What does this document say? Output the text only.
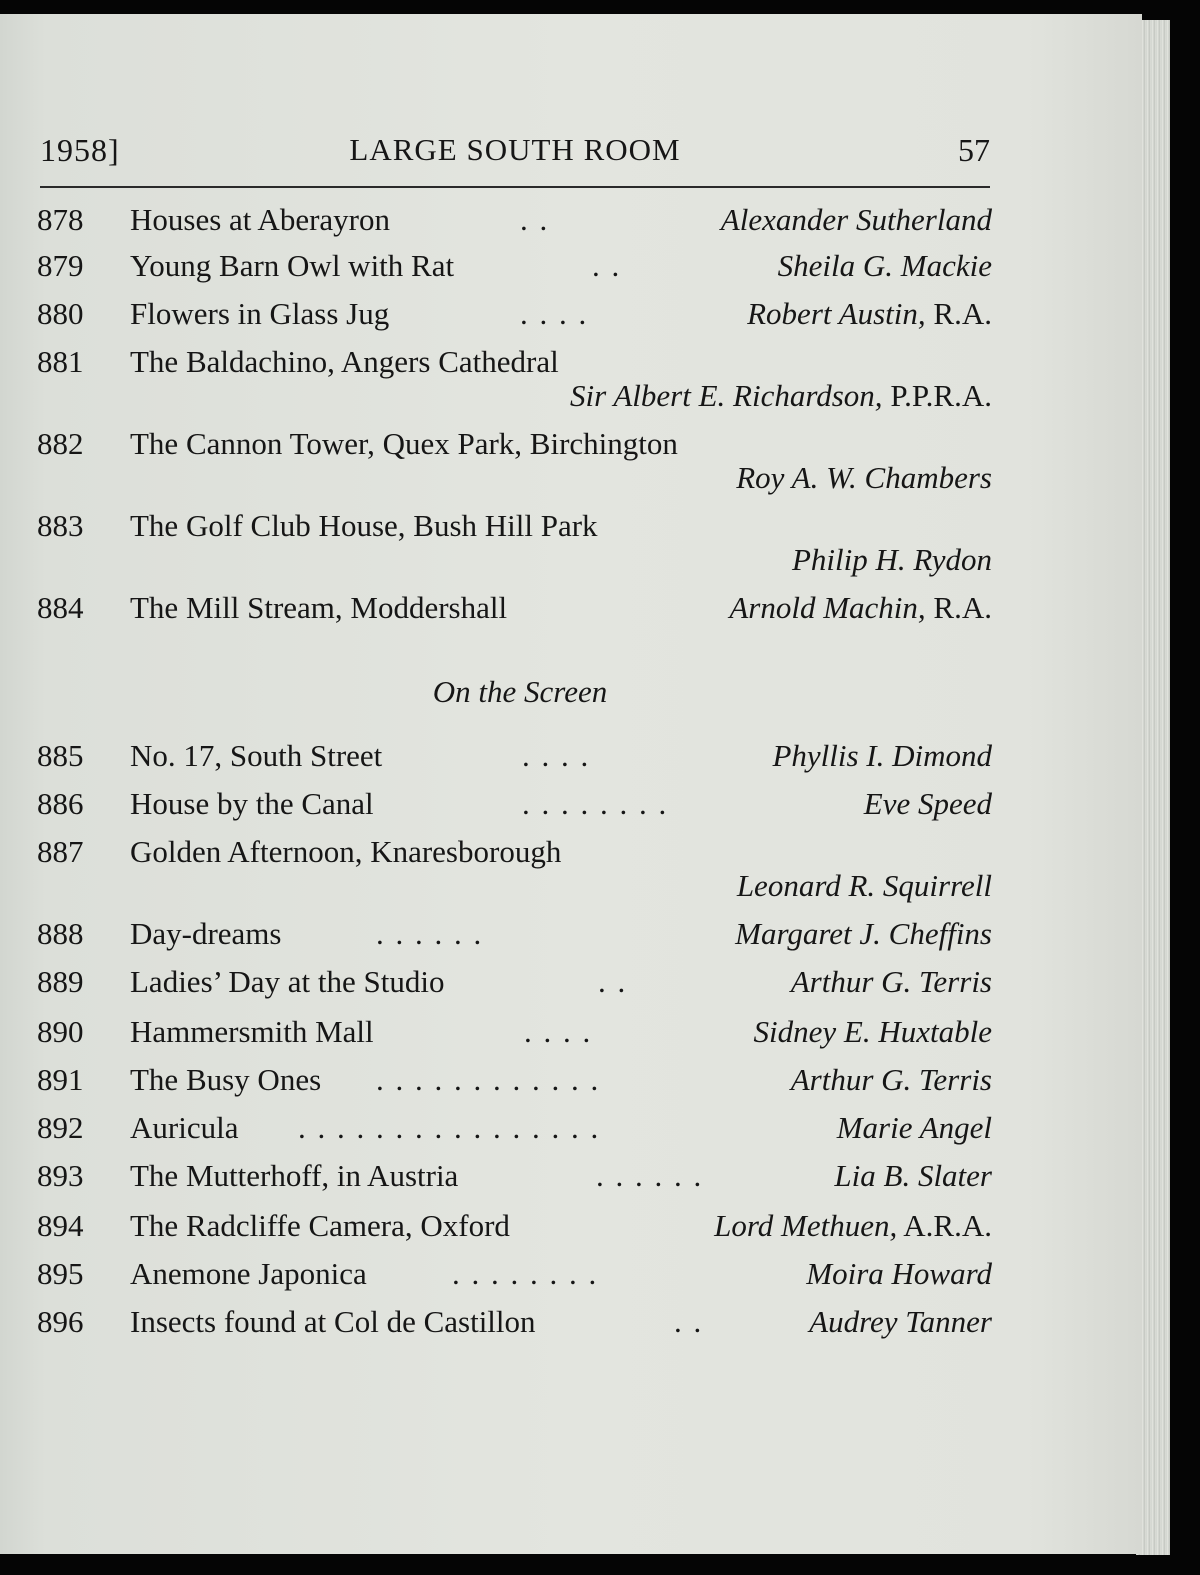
1958]	LARGE SOUTH ROOM	57
878 Houses at Aberayron	. .	Alexander Sutherland
879 Young Barn Owl with Rat	. .	Sheila G. Mackie
880 Flowers in Glass Jug	. . . .	Robert Austin, R.A.
881 The Baldachino, Angers Cathedral
Sir Albert E. Richardson, P.P.R.A.
882 The Cannon Tower, Quex Park, Birchington
Roy A. W. Chambers
883 The Golf Club House, Bush Hill Park
Philip H. Rydon
884 The Mill Stream, Moddershall	Arnold Machin, R.A.
On the Screen
885 No. 17, South Street	. . . .	Phyllis I. Dimond
886 House by the Canal	. . . . . . . .	Eve Speed
887 Golden Afternoon, Knaresborough
Leonard R. Squirrell
888 Day-dreams	. . . . . .	Margaret J. Cheffins
889 Ladies’ Day at the Studio	. .	Arthur G. Terris
890 Hammersmith Mall	. . . .	Sidney E. Huxtable
891 The Busy Ones . . . . . . . . . . . .	Arthur G. Terris
892 Auricula . . . . . . . . . . . . . . . .	Marie Angel
893 The Mutterhoff, in Austria	. . . . . .	Lia B. Slater
894 The Radcliffe Camera, Oxford	Lord Methuen, A.R.A.
895 Anemone Japonica	. . . . . . . .	Moira Howard
896 Insects found at Col de Castillon	. .	Audrey Tanner
